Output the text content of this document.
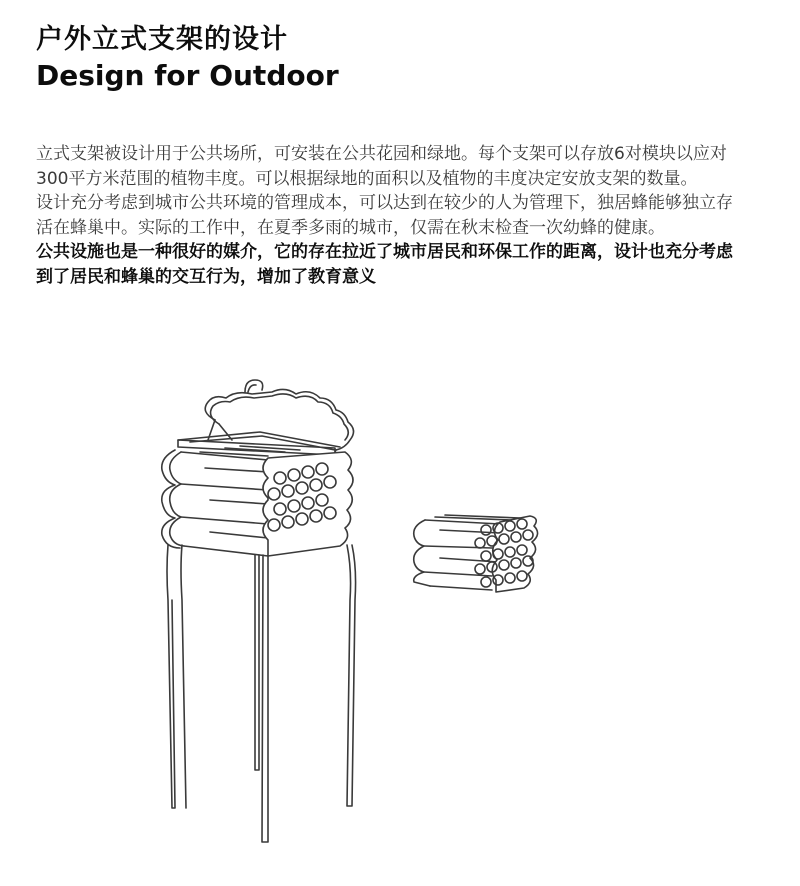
户外立式支架的设计
Design for Outdoor

立式支架被设计用于公共场所，可安装在公共花园和绿地。每个支架可以存放6对模块以应对300平方米范围的植物丰度。可以根据绿地的面积以及植物的丰度决定安放支架的数量。

设计充分考虑到城市公共环境的管理成本，可以达到在较少的人为管理下，独居蜂能够独立存活在蜂巢中。实际的工作中，在夏季多雨的城市，仅需在秋末检查一次幼蜂的健康。

公共设施也是一种很好的媒介，它的存在拉近了城市居民和环保工作的距离，设计也充分考虑到了居民和蜂巢的交互行为，增加了教育意义
